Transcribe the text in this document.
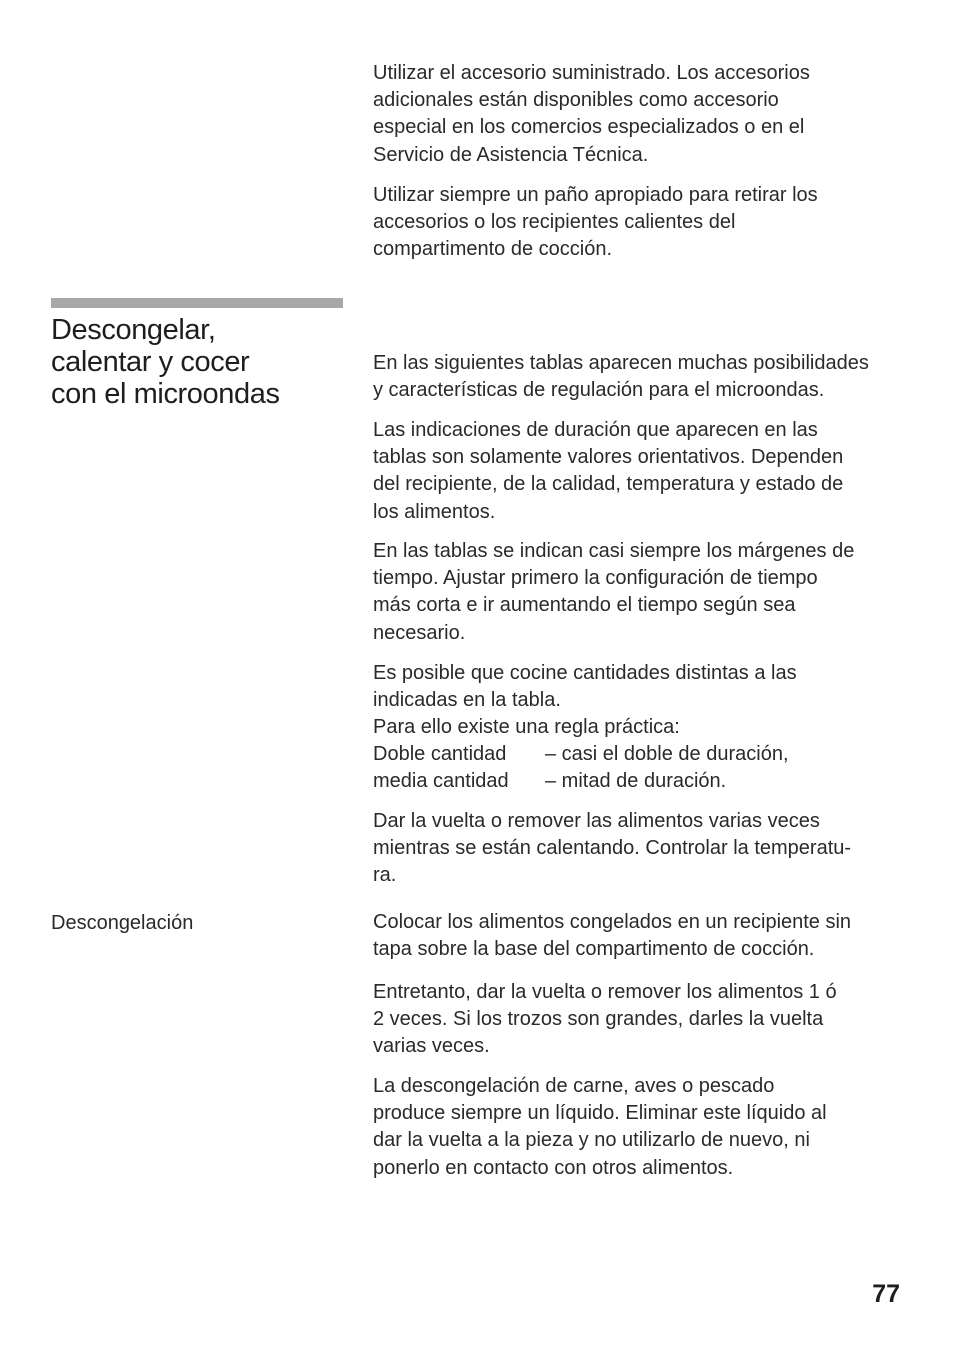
Utilizar el accesorio suministrado. Los accesorios
adicionales están disponibles como accesorio
especial en los comercios especializados o en el
Servicio de Asistencia Técnica.

Utilizar siempre un paño apropiado para retirar los
accesorios o los recipientes calientes del
compartimento de cocción.

Descongelar,
calentar y cocer
con el microondas

En las siguientes tablas aparecen muchas posibilidades
y características de regulación para el microondas.

Las indicaciones de duración que aparecen en las
tablas son solamente valores orientativos. Dependen
del recipiente, de la calidad, temperatura y estado de
los alimentos.

En las tablas se indican casi siempre los márgenes de
tiempo. Ajustar primero la configuración de tiempo
más corta e ir aumentando el tiempo según sea
necesario.

Es posible que cocine cantidades distintas a las
indicadas en la tabla.
Para ello existe una regla práctica:

Doble cantidad – casi el doble de duración,
media cantidad – mitad de duración.

Dar la vuelta o remover las alimentos varias veces
mientras se están calentando. Controlar la temperatu-
ra.

Descongelación	Colocar los alimentos congelados en un recipiente sin
tapa sobre la base del compartimento de cocción.

Entretanto, dar la vuelta o remover los alimentos 1 ó
2 veces. Si los trozos son grandes, darles la vuelta
varias veces.

La descongelación de carne, aves o pescado
produce siempre un líquido. Eliminar este líquido al
dar la vuelta a la pieza y no utilizarlo de nuevo, ni
ponerlo en contacto con otros alimentos.

77
